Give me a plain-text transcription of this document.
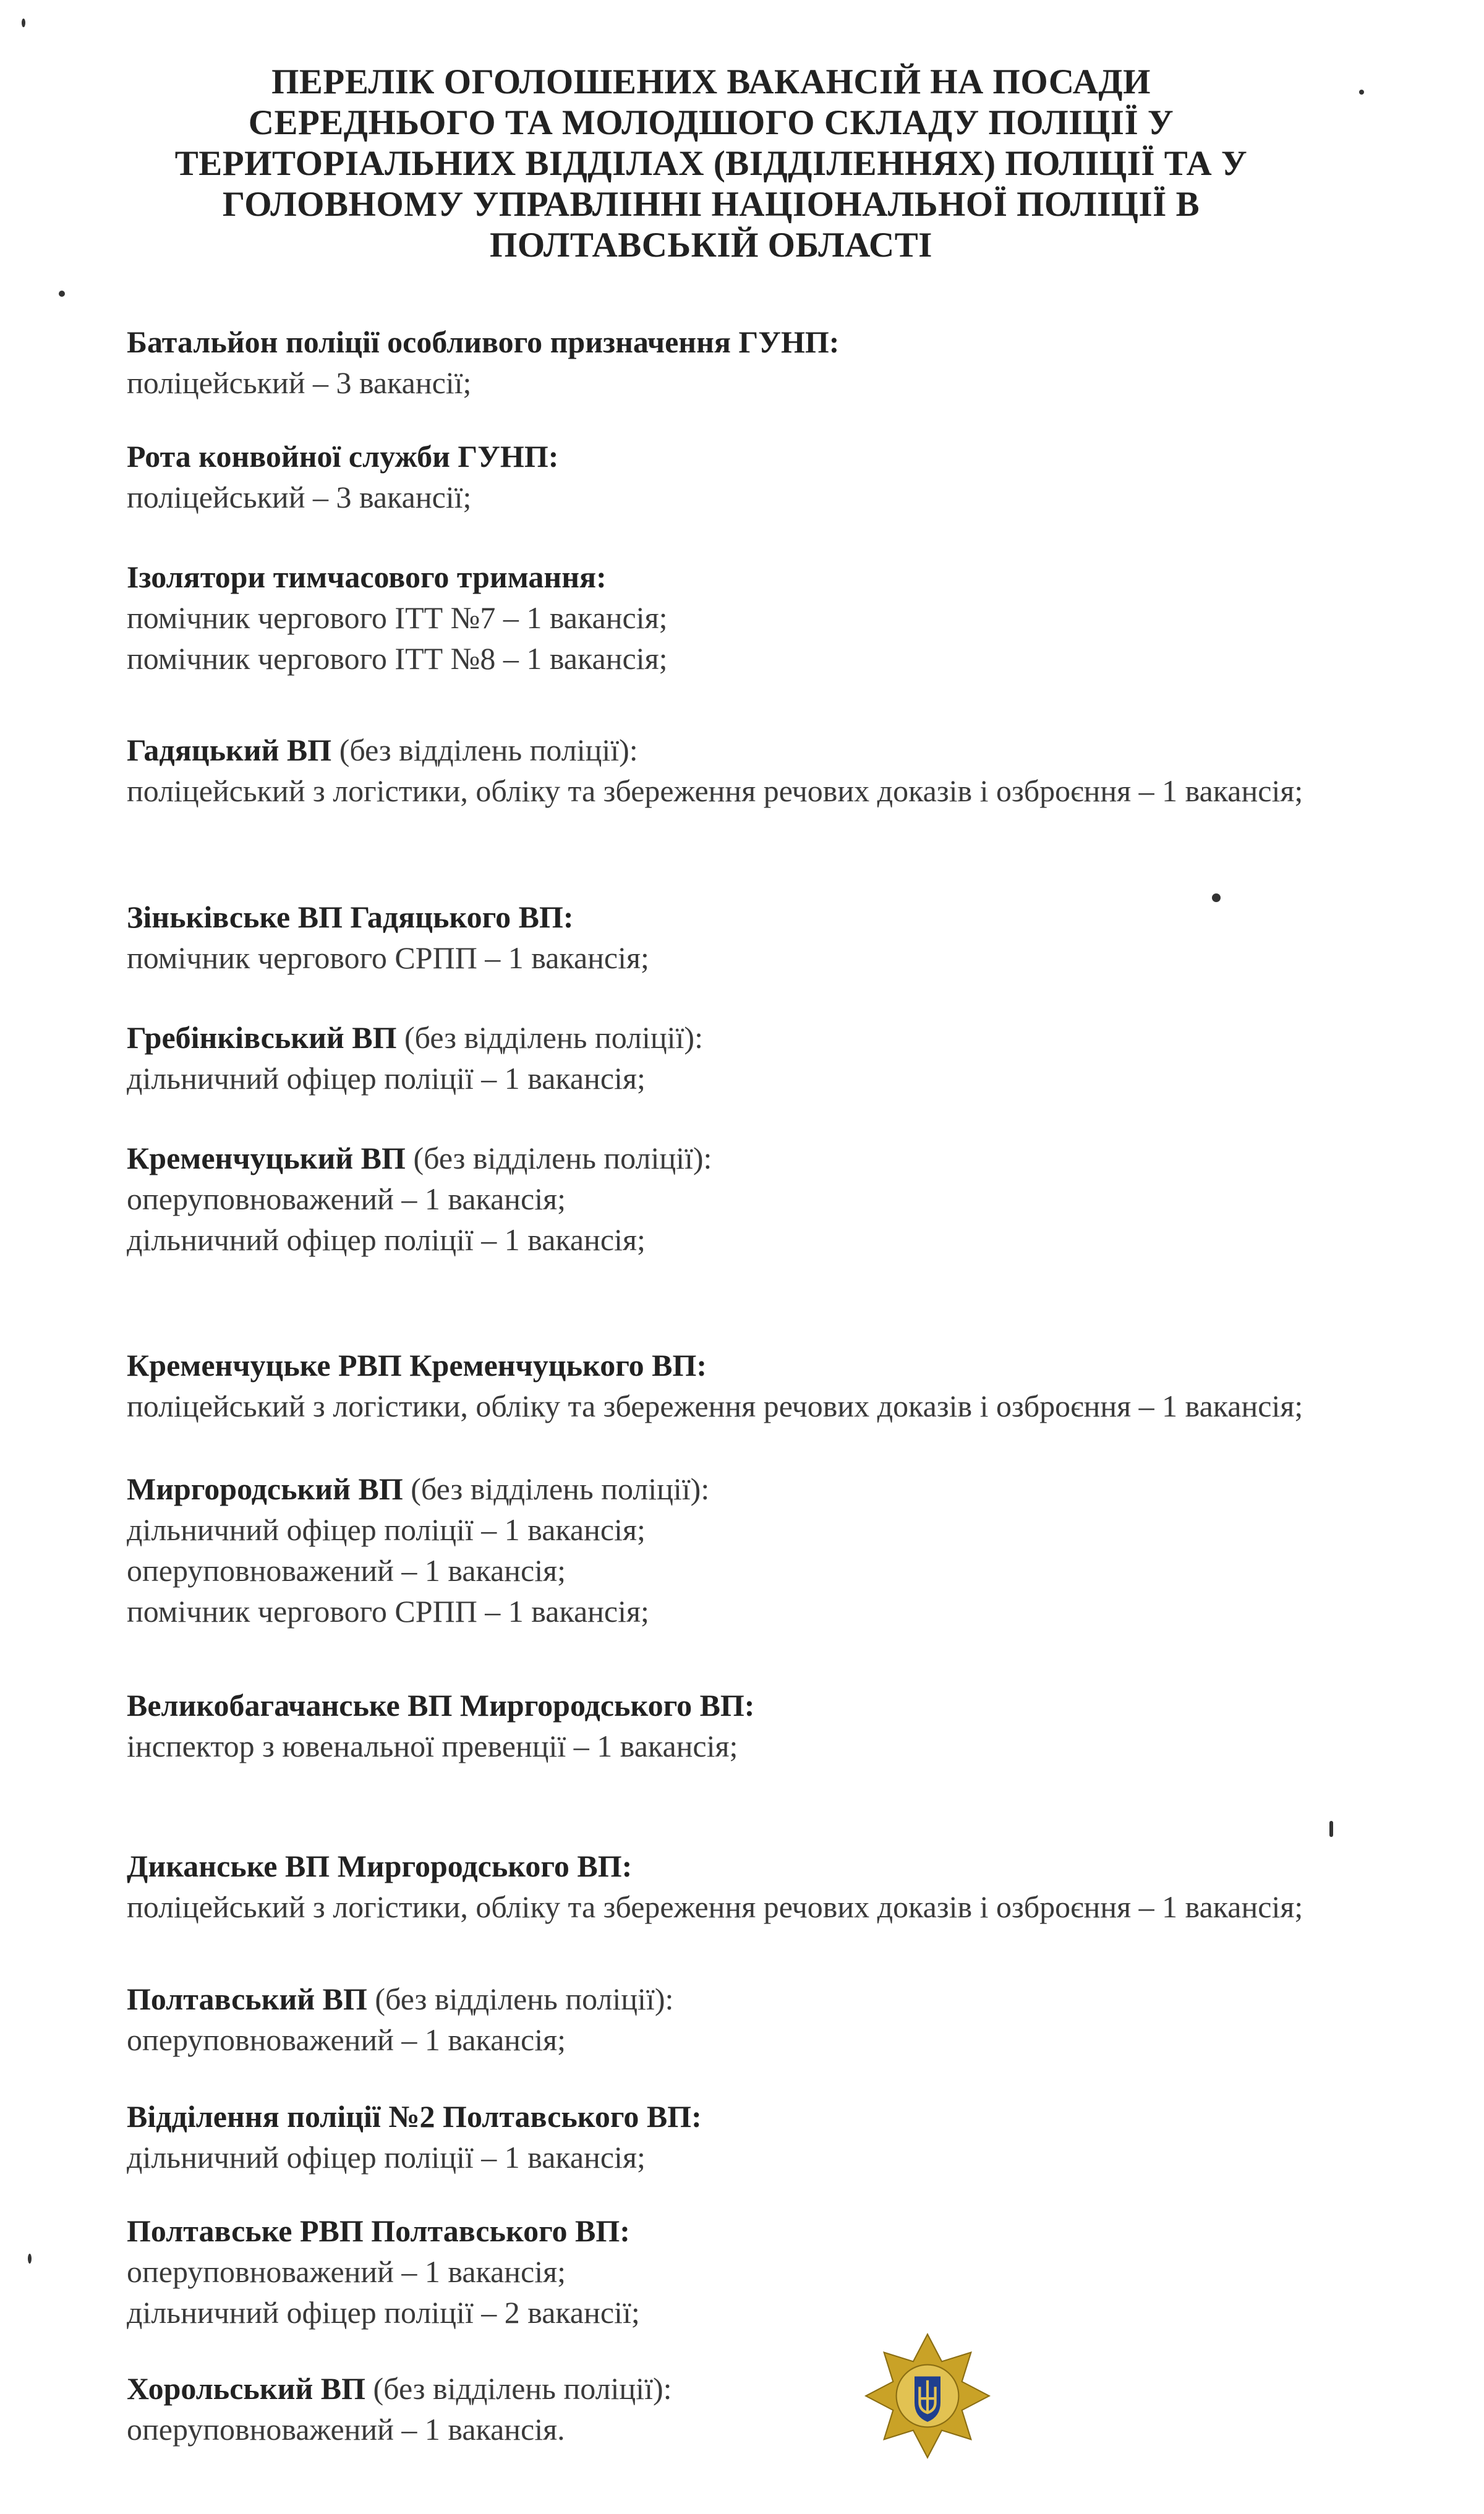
ПЕРЕЛІК ОГОЛОШЕНИХ ВАКАНСІЙ НА ПОСАДИ
СЕРЕДНЬОГО ТА МОЛОДШОГО СКЛАДУ ПОЛІЦІЇ У
ТЕРИТОРІАЛЬНИХ ВІДДІЛАХ (ВІДДІЛЕННЯХ) ПОЛІЦІЇ ТА У
ГОЛОВНОМУ УПРАВЛІННІ НАЦІОНАЛЬНОЇ ПОЛІЦІЇ В
ПОЛТАВСЬКІЙ ОБЛАСТІ
Батальйон поліції особливого призначення ГУНП:
поліцейський – 3 вакансії;
Рота конвойної служби ГУНП:
поліцейський – 3 вакансії;
Ізолятори тимчасового тримання:
помічник чергового ІТТ №7 – 1 вакансія;
помічник чергового ІТТ №8 – 1 вакансія;
Гадяцький ВП (без відділень поліції):
поліцейський з логістики, обліку та збереження речових доказів і озброєння – 1 вакансія;
Зіньківське ВП Гадяцького ВП:
помічник чергового СРПП – 1 вакансія;
Гребінківський ВП (без відділень поліції):
дільничний офіцер поліції – 1 вакансія;
Кременчуцький ВП (без відділень поліції):
оперуповноважений – 1 вакансія;
дільничний офіцер поліції – 1 вакансія;
Кременчуцьке РВП Кременчуцького ВП:
поліцейський з логістики, обліку та збереження речових доказів і озброєння – 1 вакансія;
Миргородський ВП (без відділень поліції):
дільничний офіцер поліції – 1 вакансія;
оперуповноважений – 1 вакансія;
помічник чергового СРПП – 1 вакансія;
Великобагачанське ВП Миргородського ВП:
інспектор з ювенальної превенції – 1 вакансія;
Диканське ВП Миргородського ВП:
поліцейський з логістики, обліку та збереження речових доказів і озброєння – 1 вакансія;
Полтавський ВП (без відділень поліції):
оперуповноважений – 1 вакансія;
Відділення поліції №2 Полтавського ВП:
дільничний офіцер поліції – 1 вакансія;
Полтавське РВП Полтавського ВП:
оперуповноважений – 1 вакансія;
дільничний офіцер поліції – 2 вакансії;
Хорольський ВП (без відділень поліції):
оперуповноважений – 1 вакансія.
